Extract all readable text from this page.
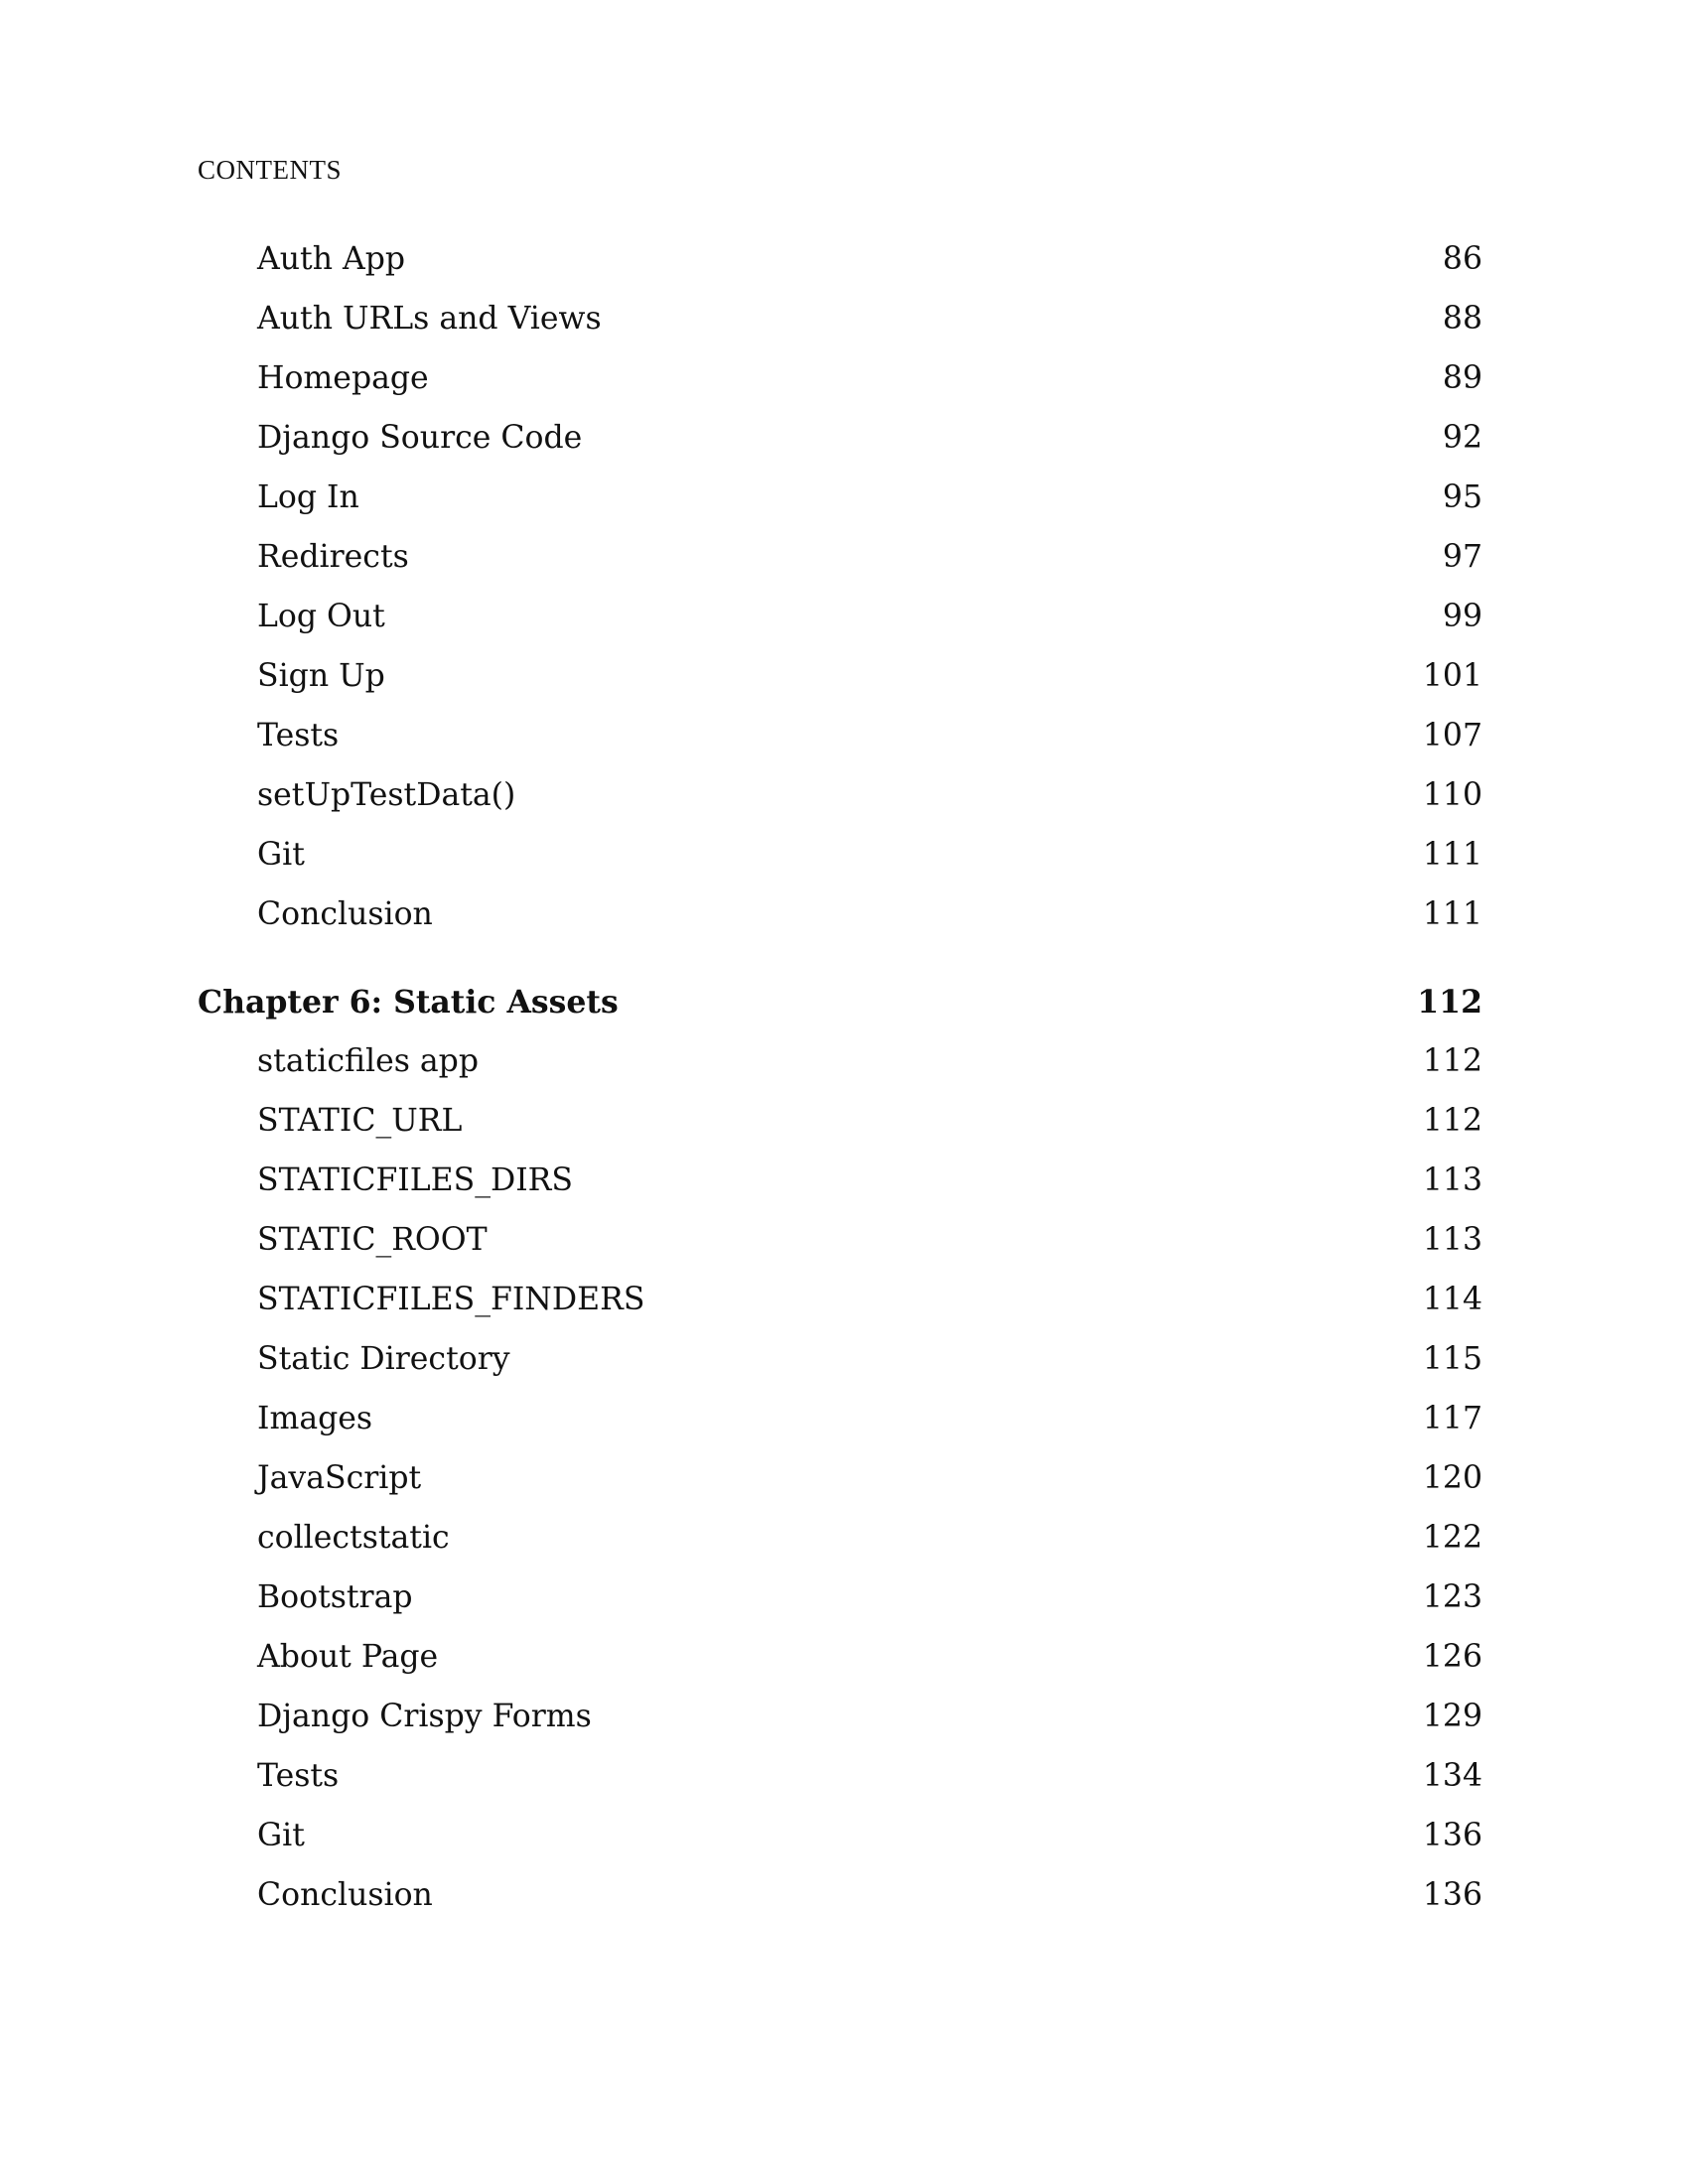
CONTENTS
Auth App	86
Auth URLs and Views	88
Homepage	89
Django Source Code	92
Log In	95
Redirects	97
Log Out	99
Sign Up	101
Tests	107
setUpTestData()	110
Git	111
Conclusion	111
Chapter 6: Static Assets	112
staticfiles app	112
STATIC_URL	112
STATICFILES_DIRS	113
STATIC_ROOT	113
STATICFILES_FINDERS	114
Static Directory	115
Images	117
JavaScript	120
collectstatic	122
Bootstrap	123
About Page	126
Django Crispy Forms	129
Tests	134
Git	136
Conclusion	136
